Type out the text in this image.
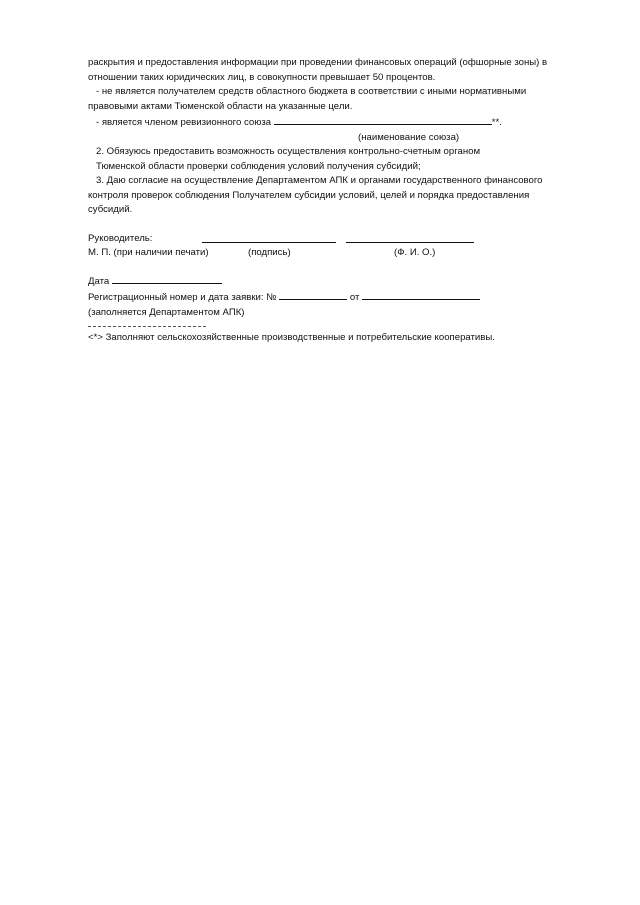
раскрытия и предоставления информации при проведении финансовых операций (офшорные зоны) в
отношении таких юридических лиц, в совокупности превышает 50 процентов.
- не является получателем средств областного бюджета в соответствии с иными нормативными
правовыми актами Тюменской области на указанные цели.
- является членом ревизионного союза	**.
(наименование союза)
2. Обязуюсь предоставить возможность осуществления контрольно-счетным органом
Тюменской области проверки соблюдения условий получения субсидий;
3. Даю согласие на осуществление Департаментом АПК и органами государственного финансового
контроля проверок соблюдения Получателем субсидии условий, целей и порядка предоставления
субсидий.
Руководитель:
М. П. (при наличии печати)	(подпись)	(Ф. И. О.)
Дата
Регистрационный номер и дата заявки: №	от
(заполняется Департаментом АПК)
<*> Заполняют сельскохозяйственные производственные и потребительские кооперативы.
